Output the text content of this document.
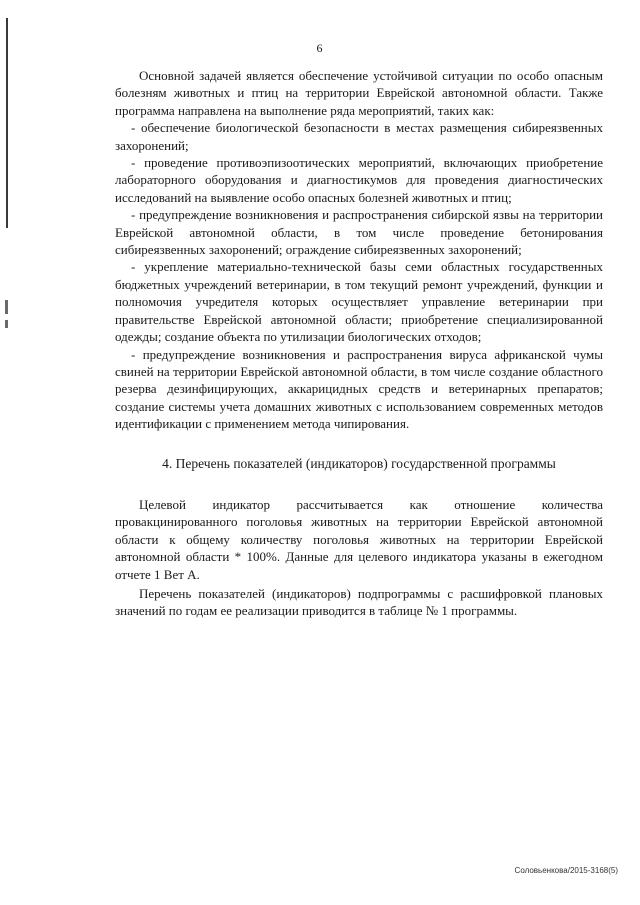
6

Основной задачей является обеспечение устойчивой ситуации по особо опасным болезням животных и птиц на территории Еврейской автономной области. Также программа направлена на выполнение ряда мероприятий, таких как:

- обеспечение биологической безопасности в местах размещения сибиреязвенных захоронений;

- проведение противоэпизоотических мероприятий, включающих приобретение лабораторного оборудования и диагностикумов для проведения диагностических исследований на выявление особо опасных болезней животных и птиц;

- предупреждение возникновения и распространения сибирской язвы на территории Еврейской автономной области, в том числе проведение бетонирования сибиреязвенных захоронений; ограждение сибиреязвенных захоронений;

- укрепление материально-технической базы семи областных государственных бюджетных учреждений ветеринарии, в том текущий ремонт учреждений, функции и полномочия учредителя которых осуществляет управление ветеринарии при правительстве Еврейской автономной области; приобретение специализированной одежды; создание объекта по утилизации биологических отходов;

- предупреждение возникновения и распространения вируса африканской чумы свиней на территории Еврейской автономной области, в том числе создание областного резерва дезинфицирующих, аккарицидных средств и ветеринарных препаратов; создание системы учета домашних животных с использованием современных методов идентификации с применением метода чипирования.

4. Перечень показателей (индикаторов) государственной программы

Целевой индикатор рассчитывается как отношение количества провакцинированного поголовья животных на территории Еврейской автономной области к общему количеству поголовья животных на территории Еврейской автономной области * 100%. Данные для целевого индикатора указаны в ежегодном отчете 1 Вет А.

Перечень показателей (индикаторов) подпрограммы с расшифровкой плановых значений по годам ее реализации приводится в таблице № 1 программы.

Соловьенкова/2015-3168(5)
